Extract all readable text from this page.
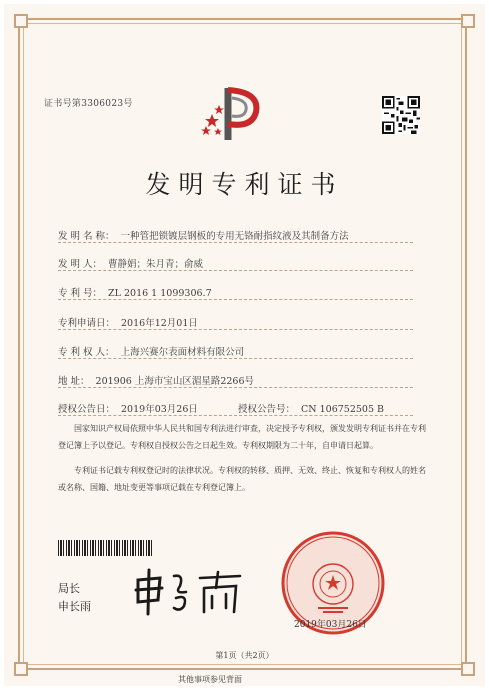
证书号第3306023号
发明专利证书
发 明 名 称： 一种管把锁镀层钢板的专用无铬耐指纹液及其制备方法
发 明 人： 曹静娟；朱月青；俞威
专 利 号： ZL 2016 1 1099306.7
专利申请日： 2016年12月01日
专 利 权 人： 上海兴赛尔表面材料有限公司
地 址： 201906 上海市宝山区湄星路2266号
授权公告日： 2019年03月26日	授权公告号： CN 106752505 B
国家知识产权局依照中华人民共和国专利法进行审查，决定授予专利权，颁发发明专利证书并在专利登记簿上予以登记。专利权自授权公告之日起生效。专利权期限为二十年，自申请日起算。
专利证书记载专利权登记时的法律状况。专利权的转移、质押、无效、终止、恢复和专利权人的姓名或名称、国籍、地址变更等事项记载在专利登记簿上。
局长
申长雨
2019年03月26日
第1页（共2页）
其他事项参见背面
